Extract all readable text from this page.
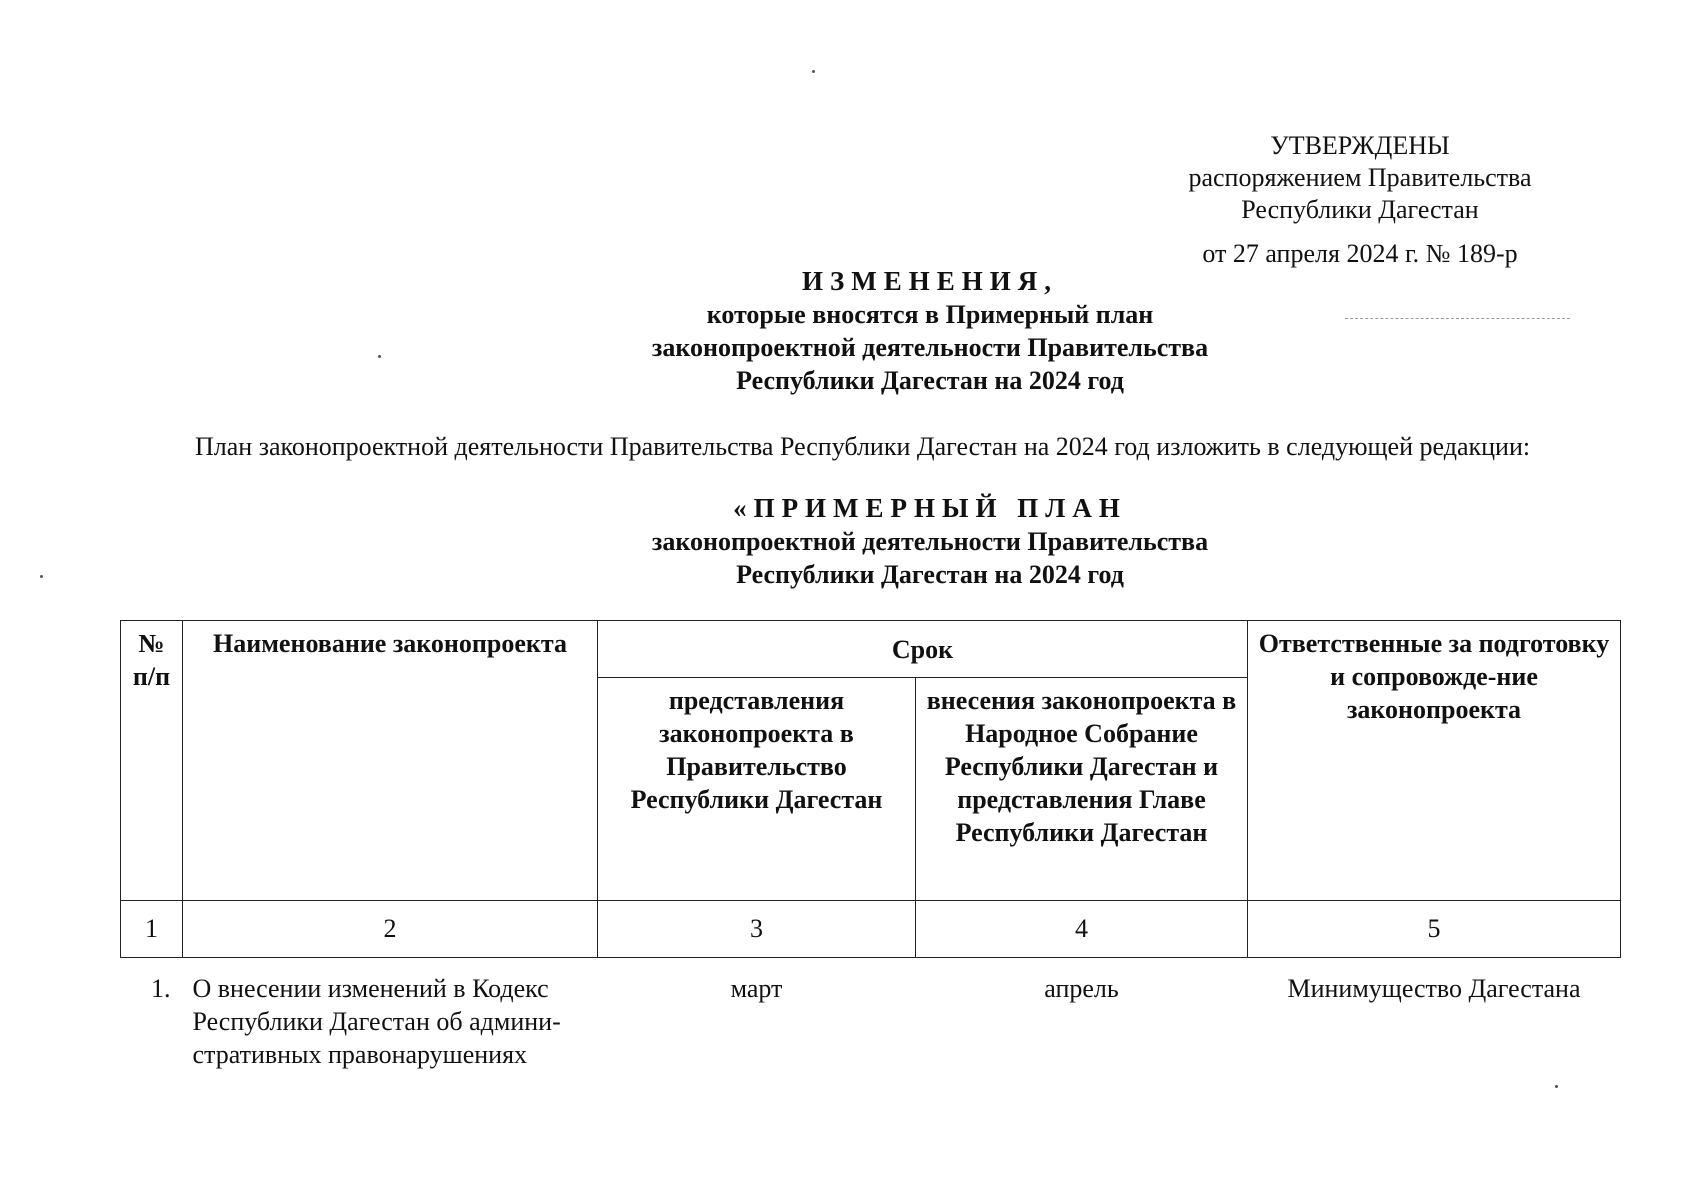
УТВЕРЖДЕНЫ
распоряжением Правительства
Республики Дагестан
от 27 апреля 2024 г. № 189-р
ИЗМЕНЕНИЯ,
которые вносятся в Примерный план
законопроектной деятельности Правительства
Республики Дагестан на 2024 год
План законопроектной деятельности Правительства Республики Дагестан на 2024 год изложить в следующей редакции:
«ПРИМЕРНЫЙ ПЛАН
законопроектной деятельности Правительства
Республики Дагестан на 2024 год
№ п/п	Наименование законопроекта	Срок		Ответственные за подготовку и сопровожде-ние законопроекта
		представления законопроекта в Правительство Республики Дагестан	внесения законопроекта в Народное Собрание Республики Дагестан и представления Главе Республики Дагестан	
1	2	3	4	5
1.	О внесении изменений в Кодекс Республики Дагестан об админи-стративных правонарушениях	март	апрель	Минимущество Дагестана
